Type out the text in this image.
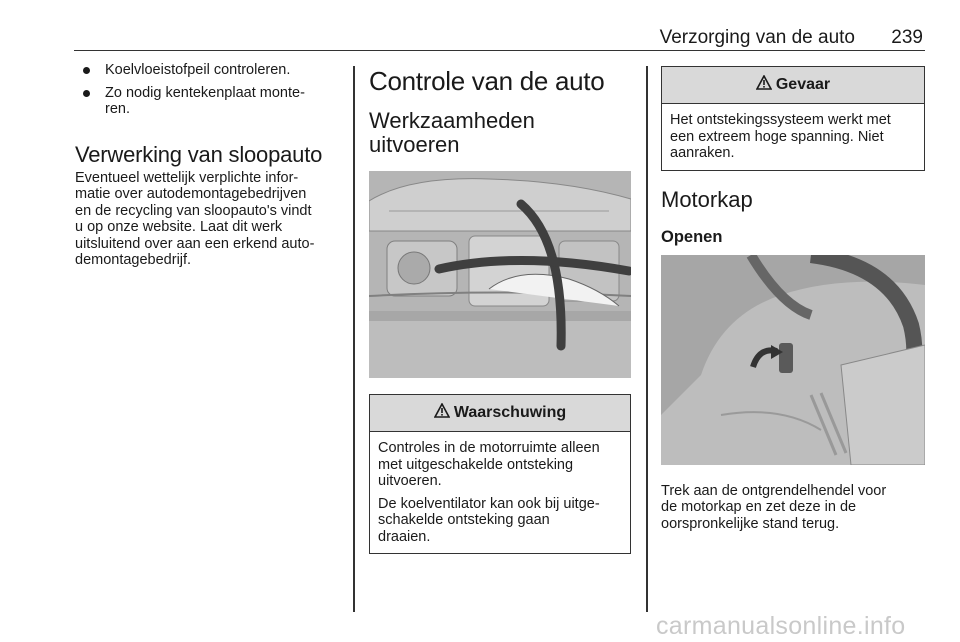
Verzorging van de auto 239
Koelvloeistofpeil controleren.
Zo nodig kentekenplaat monte-
ren.
Verwerking van sloopauto

Eventueel wettelijk verplichte infor-
matie over autodemontagebedrijven
en de recycling van sloopauto's vindt
u op onze website. Laat dit werk
uitsluitend over aan een erkend auto-
demontagebedrijf.

Controle van de auto
Werkzaamheden uitvoeren
Waarschuwing

Controles in de motorruimte alleen
met uitgeschakelde ontsteking
uitvoeren.

De koelventilator kan ook bij uitge-
schakelde ontsteking gaan
draaien.

Gevaar

Het ontstekingssysteem werkt met
een extreem hoge spanning. Niet
aanraken.

Motorkap
Openen

Trek aan de ontgrendelhendel voor
de motorkap en zet deze in de
oorspronkelijke stand terug.

carmanualsonline.info
